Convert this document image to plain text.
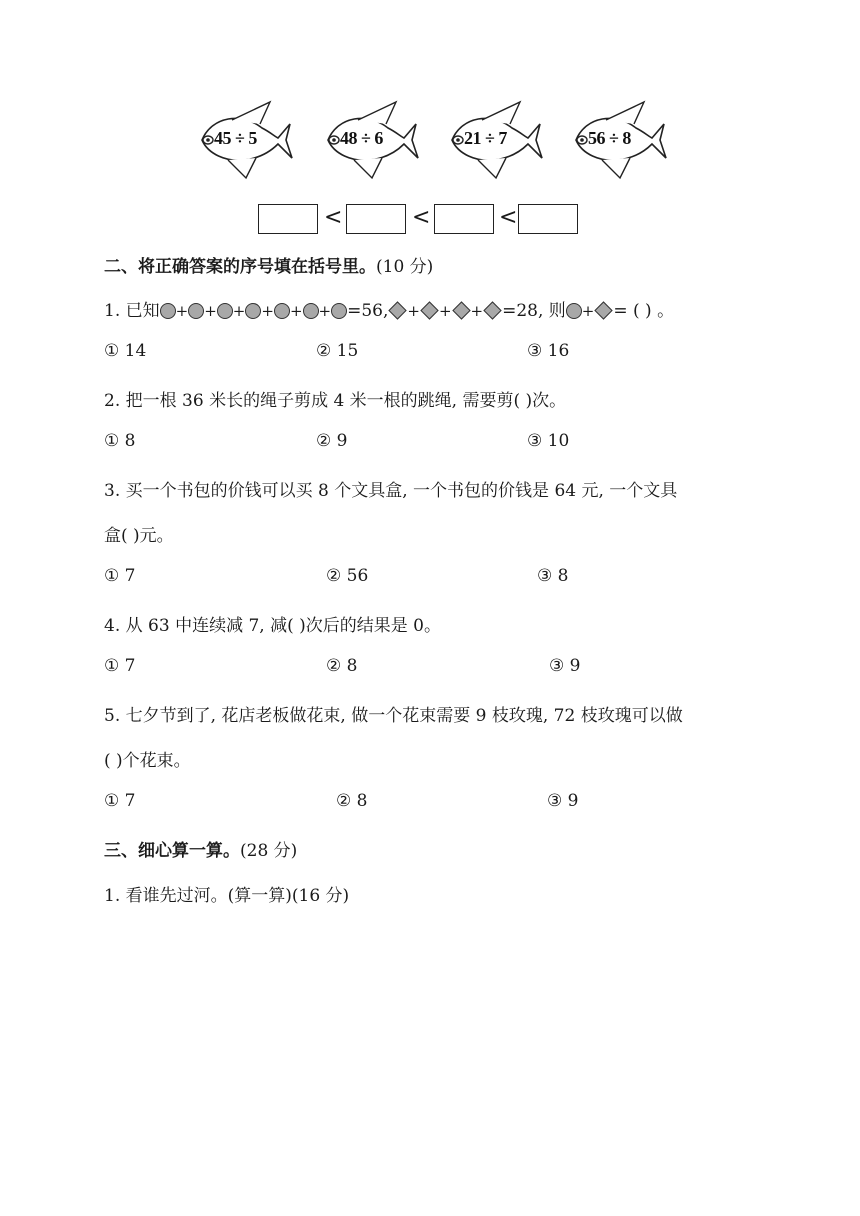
45 ÷ 5	48 ÷ 6	21 ÷ 7	56 ÷ 8
<	<	<
二、将正确答案的序号填在括号里。(10 分)
1. 已知 + + + + + + =56, + + + =28, 则 + = ( ) 。
① 14	② 15	③ 16
2. 把一根 36 米长的绳子剪成 4 米一根的跳绳, 需要剪( )次。
① 8	② 9	③ 10
3. 买一个书包的价钱可以买 8 个文具盒, 一个书包的价钱是 64 元, 一个文具
盒( )元。
① 7	② 56	③ 8
4. 从 63 中连续减 7, 减( )次后的结果是 0。
① 7	② 8	③ 9
5. 七夕节到了, 花店老板做花束, 做一个花束需要 9 枝玫瑰, 72 枝玫瑰可以做
( )个花束。
① 7	② 8	③ 9
三、细心算一算。(28 分)
1. 看谁先过河。(算一算)(16 分)
